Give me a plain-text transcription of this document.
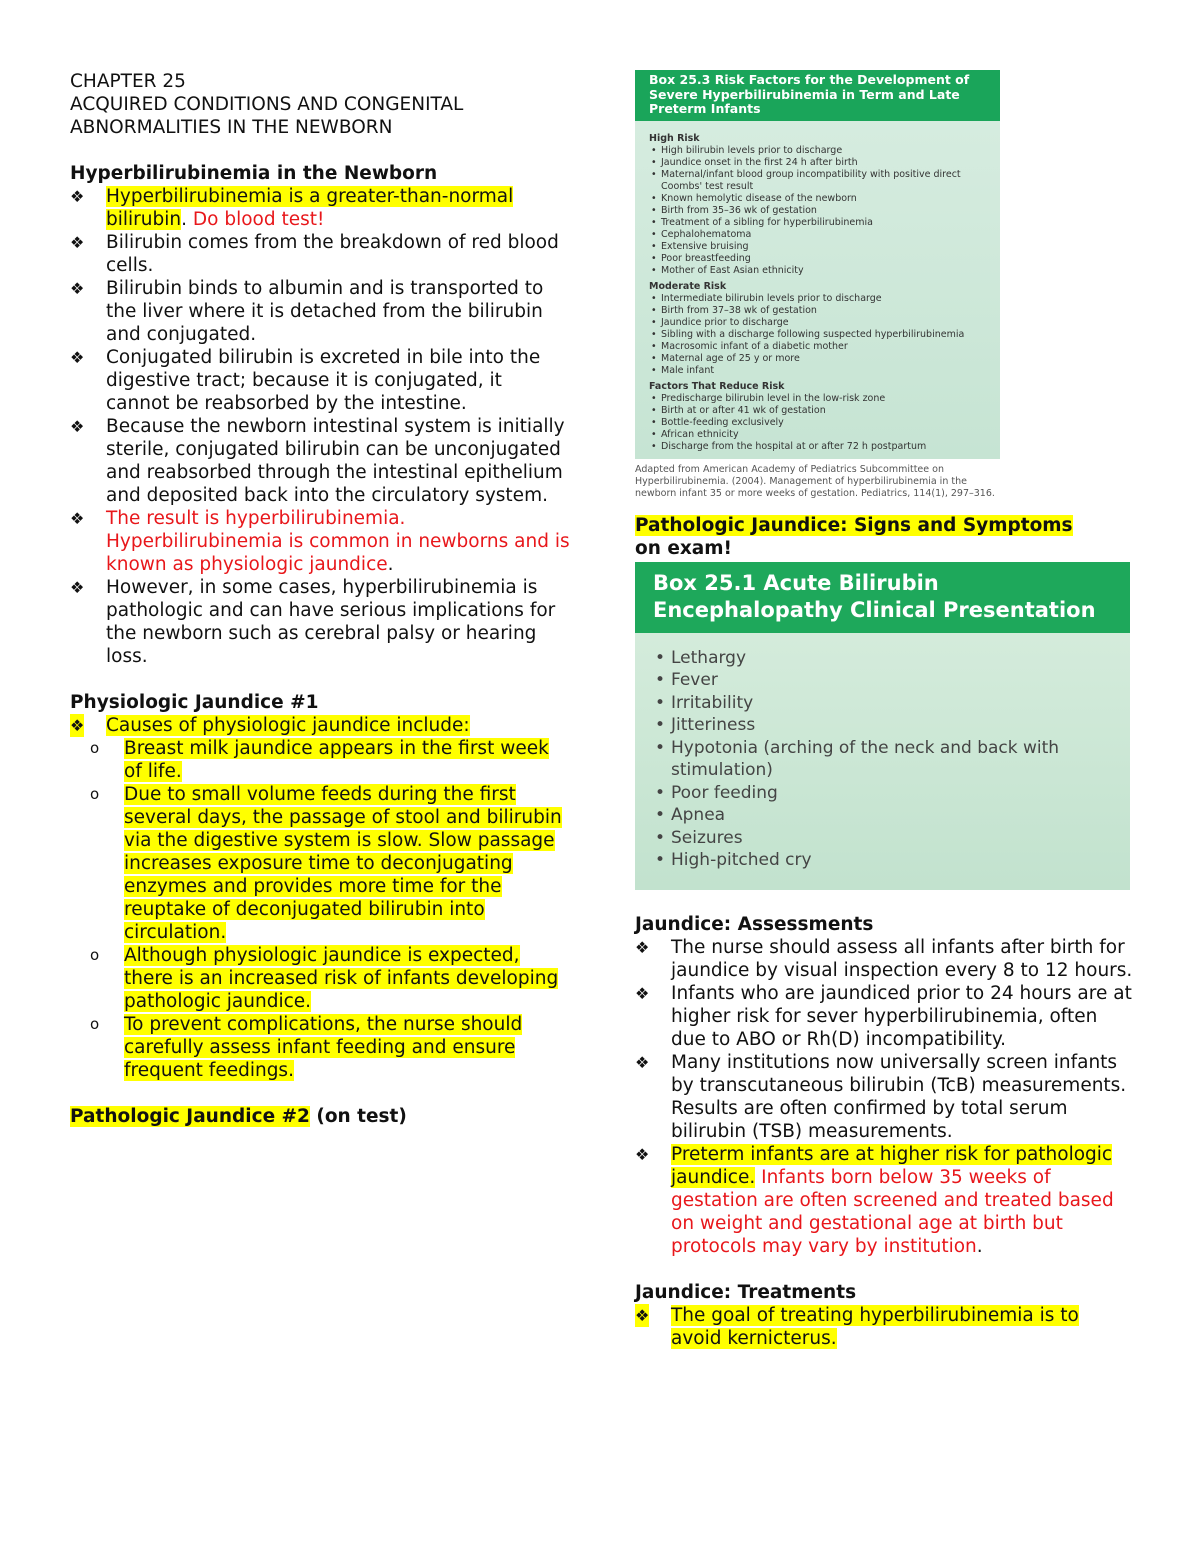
CHAPTER 25
ACQUIRED CONDITIONS AND CONGENITAL
ABNORMALITIES IN THE NEWBORN
Hyperbilirubinemia in the Newborn
❖ Hyperbilirubinemia is a greater-than-normal bilirubin. Do blood test!
❖ Bilirubin comes from the breakdown of red blood cells.
❖ Bilirubin binds to albumin and is transported to the liver where it is detached from the bilirubin and conjugated.
❖ Conjugated bilirubin is excreted in bile into the digestive tract; because it is conjugated, it cannot be reabsorbed by the intestine.
❖ Because the newborn intestinal system is initially sterile, conjugated bilirubin can be unconjugated and reabsorbed through the intestinal epithelium and deposited back into the circulatory system.
❖ The result is hyperbilirubinemia. Hyperbilirubinemia is common in newborns and is known as physiologic jaundice.
❖ However, in some cases, hyperbilirubinemia is pathologic and can have serious implications for the newborn such as cerebral palsy or hearing loss.
Physiologic Jaundice #1
❖ Causes of physiologic jaundice include:
o Breast milk jaundice appears in the first week of life.
o Due to small volume feeds during the first several days, the passage of stool and bilirubin via the digestive system is slow. Slow passage increases exposure time to deconjugating enzymes and provides more time for the reuptake of deconjugated bilirubin into circulation.
o Although physiologic jaundice is expected, there is an increased risk of infants developing pathologic jaundice.
o To prevent complications, the nurse should carefully assess infant feeding and ensure frequent feedings.
Pathologic Jaundice #2 (on test)
Box 25.3 Risk Factors for the Development of Severe Hyperbilirubinemia in Term and Late Preterm Infants
High Risk
• High bilirubin levels prior to discharge
• Jaundice onset in the first 24 h after birth
• Maternal/infant blood group incompatibility with positive direct Coombs' test result
• Known hemolytic disease of the newborn
• Birth from 35–36 wk of gestation
• Treatment of a sibling for hyperbilirubinemia
• Cephalohematoma
• Extensive bruising
• Poor breastfeeding
• Mother of East Asian ethnicity
Moderate Risk
• Intermediate bilirubin levels prior to discharge
• Birth from 37–38 wk of gestation
• Jaundice prior to discharge
• Sibling with a discharge following suspected hyperbilirubinemia
• Macrosomic infant of a diabetic mother
• Maternal age of 25 y or more
• Male infant
Factors That Reduce Risk
• Predischarge bilirubin level in the low-risk zone
• Birth at or after 41 wk of gestation
• Bottle-feeding exclusively
• African ethnicity
• Discharge from the hospital at or after 72 h postpartum
Adapted from American Academy of Pediatrics Subcommittee on Hyperbilirubinemia. (2004). Management of hyperbilirubinemia in the newborn infant 35 or more weeks of gestation. Pediatrics, 114(1), 297–316.
Pathologic Jaundice: Signs and Symptoms
on exam!
Box 25.1 Acute Bilirubin Encephalopathy Clinical Presentation
• Lethargy
• Fever
• Irritability
• Jitteriness
• Hypotonia (arching of the neck and back with stimulation)
• Poor feeding
• Apnea
• Seizures
• High-pitched cry
Jaundice: Assessments
❖ The nurse should assess all infants after birth for jaundice by visual inspection every 8 to 12 hours.
❖ Infants who are jaundiced prior to 24 hours are at higher risk for sever hyperbilirubinemia, often due to ABO or Rh(D) incompatibility.
❖ Many institutions now universally screen infants by transcutaneous bilirubin (TcB) measurements. Results are often confirmed by total serum bilirubin (TSB) measurements.
❖ Preterm infants are at higher risk for pathologic jaundice. Infants born below 35 weeks of gestation are often screened and treated based on weight and gestational age at birth but protocols may vary by institution.
Jaundice: Treatments
❖ The goal of treating hyperbilirubinemia is to avoid kernicterus.
